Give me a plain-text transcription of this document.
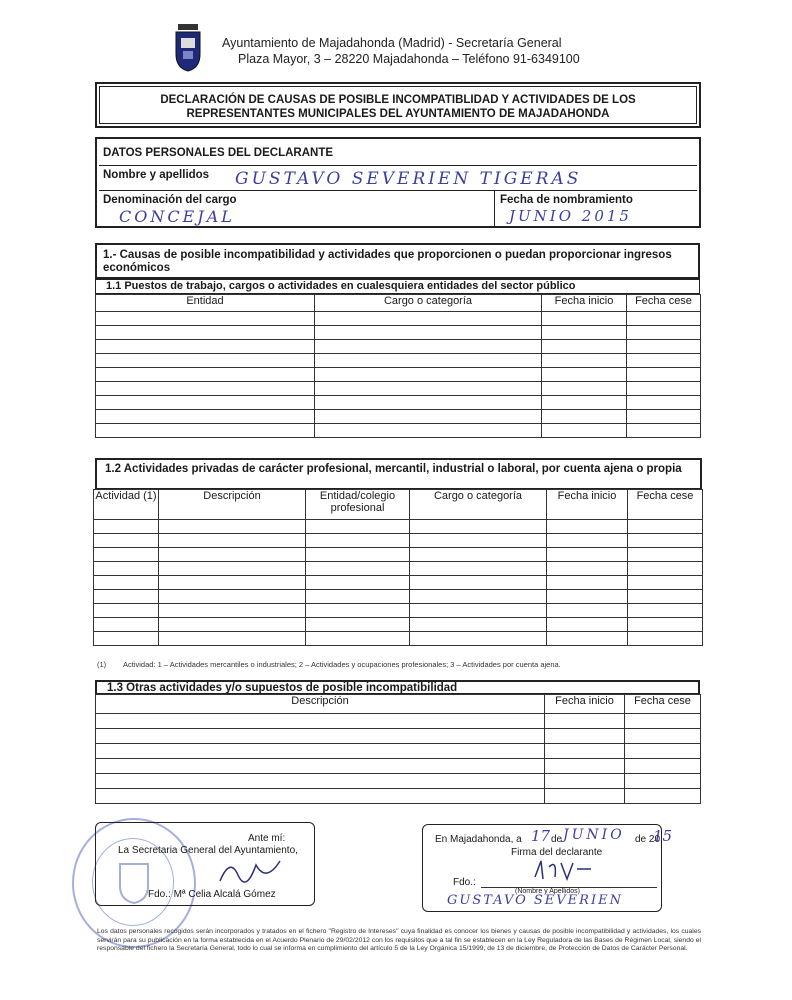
Ayuntamiento de Majadahonda (Madrid) - Secretaría General
Plaza Mayor, 3 – 28220 Majadahonda – Teléfono 91-6349100
DECLARACIÓN DE CAUSAS DE POSIBLE INCOMPATIBLIDAD Y ACTIVIDADES DE LOS
REPRESENTANTES MUNICIPALES DEL AYUNTAMIENTO DE MAJADAHONDA
DATOS PERSONALES DEL DECLARANTE
Nombre y apellidos GUSTAVO SEVERIEN TIGERAS
Denominación del cargo
CONCEJAL
Fecha de nombramiento
JUNIO 2015
1.- Causas de posible incompatibilidad y actividades que proporcionen o puedan proporcionar ingresos económicos
1.1 Puestos de trabajo, cargos o actividades en cualesquiera entidades del sector público
Entidad	Cargo o categoría	Fecha inicio	Fecha cese

1.2 Actividades privadas de carácter profesional, mercantil, industrial o laboral, por cuenta ajena o propia
Actividad (1)	Descripción	Entidad/colegio profesional	Cargo o categoría	Fecha inicio	Fecha cese

(1) Actividad: 1 – Actividades mercantiles o industriales; 2 – Actividades y ocupaciones profesionales; 3 – Actividades por cuenta ajena.
1.3 Otras actividades y/o supuestos de posible incompatibilidad
Descripción	Fecha inicio	Fecha cese

Ante mí:
La Secretaria General del Ayuntamiento,
Fdo.: Mª Celia Alcalá Gómez
En Majadahonda, a 17 de JUNIO de 20
15
Firma del declarante
Fdo.:
(Nombre y Apellidos)
GUSTAVO SEVERIEN
Los datos personales recogidos serán incorporados y tratados en el fichero "Registro de Intereses" cuya finalidad es conocer los bienes y causas de posible incompatibilidad y actividades, los cuales servirán para su publicación en la forma establecida en el Acuerdo Plenario de 29/02/2012 con los requisitos que a tal fin se establecen en la Ley Reguladora de las Bases de Régimen Local, siendo el responsable del fichero la Secretaría General, todo lo cual se informa en cumplimiento del artículo 5 de la Ley Orgánica 15/1999, de 13 de diciembre, de Protección de Datos de Carácter Personal.
